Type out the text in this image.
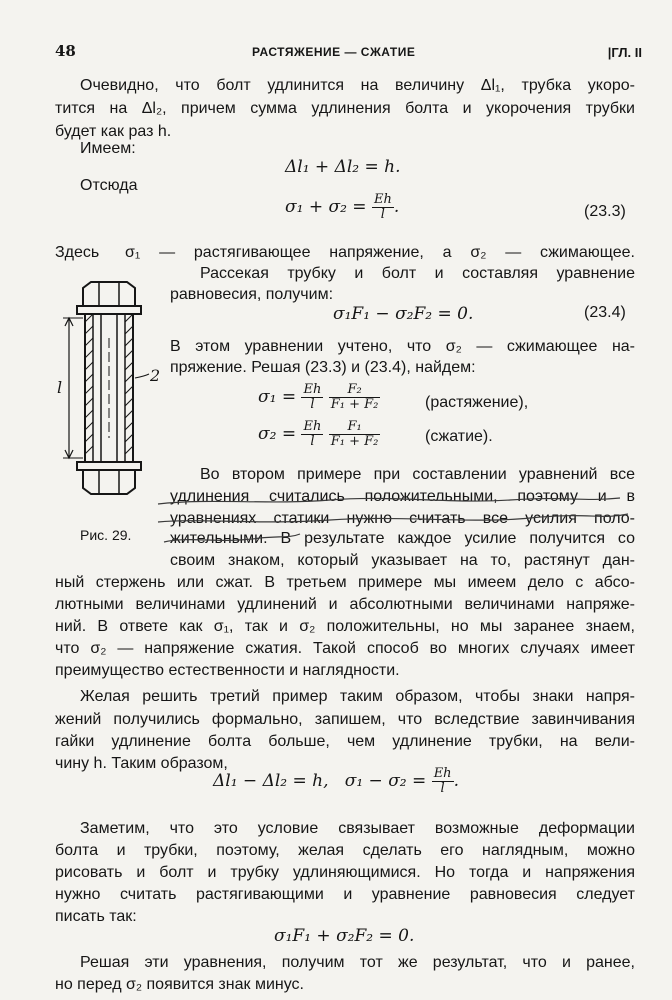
48	РАСТЯЖЕНИЕ — СЖАТИЕ	|ГЛ. II
Очевидно, что болт удлинится на величину Δl₁, трубка укоро-
тится на Δl₂, причем сумма удлинения болта и укорочения трубки
будет как раз h.
Имеем:
Δl₁ + Δl₂ = h.
Отсюда
$\sigma_1 + \sigma_2 = \frac{Eh}{l}$ .	(23.3)
Здесь σ₁ — растягивающее напряжение, а σ₂ — сжимающее.
Рассекая трубку и болт и составляя уравнение
равновесия, получим:
σ₁F₁ − σ₂F₂ = 0.	(23.4)
В этом уравнении учтено, что σ₂ — сжимающее на-
пряжение. Решая (23.3) и (23.4), найдем:
$\sigma_1 = \frac{Eh}{l}$
$\frac{\text{F₂}}{\text{F₁ + F₂}}$	(растяжение),
$\sigma_2 = \frac{Eh}{l}$
$\frac{\text{F₁}}{\text{F₁ + F₂}}$	(сжатие).
l
2
Рис. 29.
Во втором примере при составлении уравнений все
удлинения считались положительными, поэтому и в
уравнениях статики нужно считать все усилия поло-
жительными. В результате каждое усилие получится со
своим знаком, который указывает на то, растянут дан-
ный стержень или сжат. В третьем примере мы имеем дело с абсо-
лютными величинами удлинений и абсолютными величинами напряже-
ний. В ответе как σ₁, так и σ₂ положительны, но мы заранее знаем,
что σ₂ — напряжение сжатия. Такой способ во многих случаях имеет
преимущество естественности и наглядности.
Желая решить третий пример таким образом, чтобы знаки напря-
жений получились формально, запишем, что вследствие завинчивания
гайки удлинение болта больше, чем удлинение трубки, на вели-
чину h. Таким образом,
Δl₁ − Δl₂ = h, $\sigma_1 - \sigma_2 = \frac{Eh}{l}$ .
Заметим, что это условие связывает возможные деформации
болта и трубки, поэтому, желая сделать его наглядным, можно
рисовать и болт и трубку удлиняющимися. Но тогда и напряжения
нужно считать растягивающими и уравнение равновесия следует
писать так:
σ₁F₁ + σ₂F₂ = 0.
Решая эти уравнения, получим тот же результат, что и ранее,
но перед σ₂ появится знак минус.
